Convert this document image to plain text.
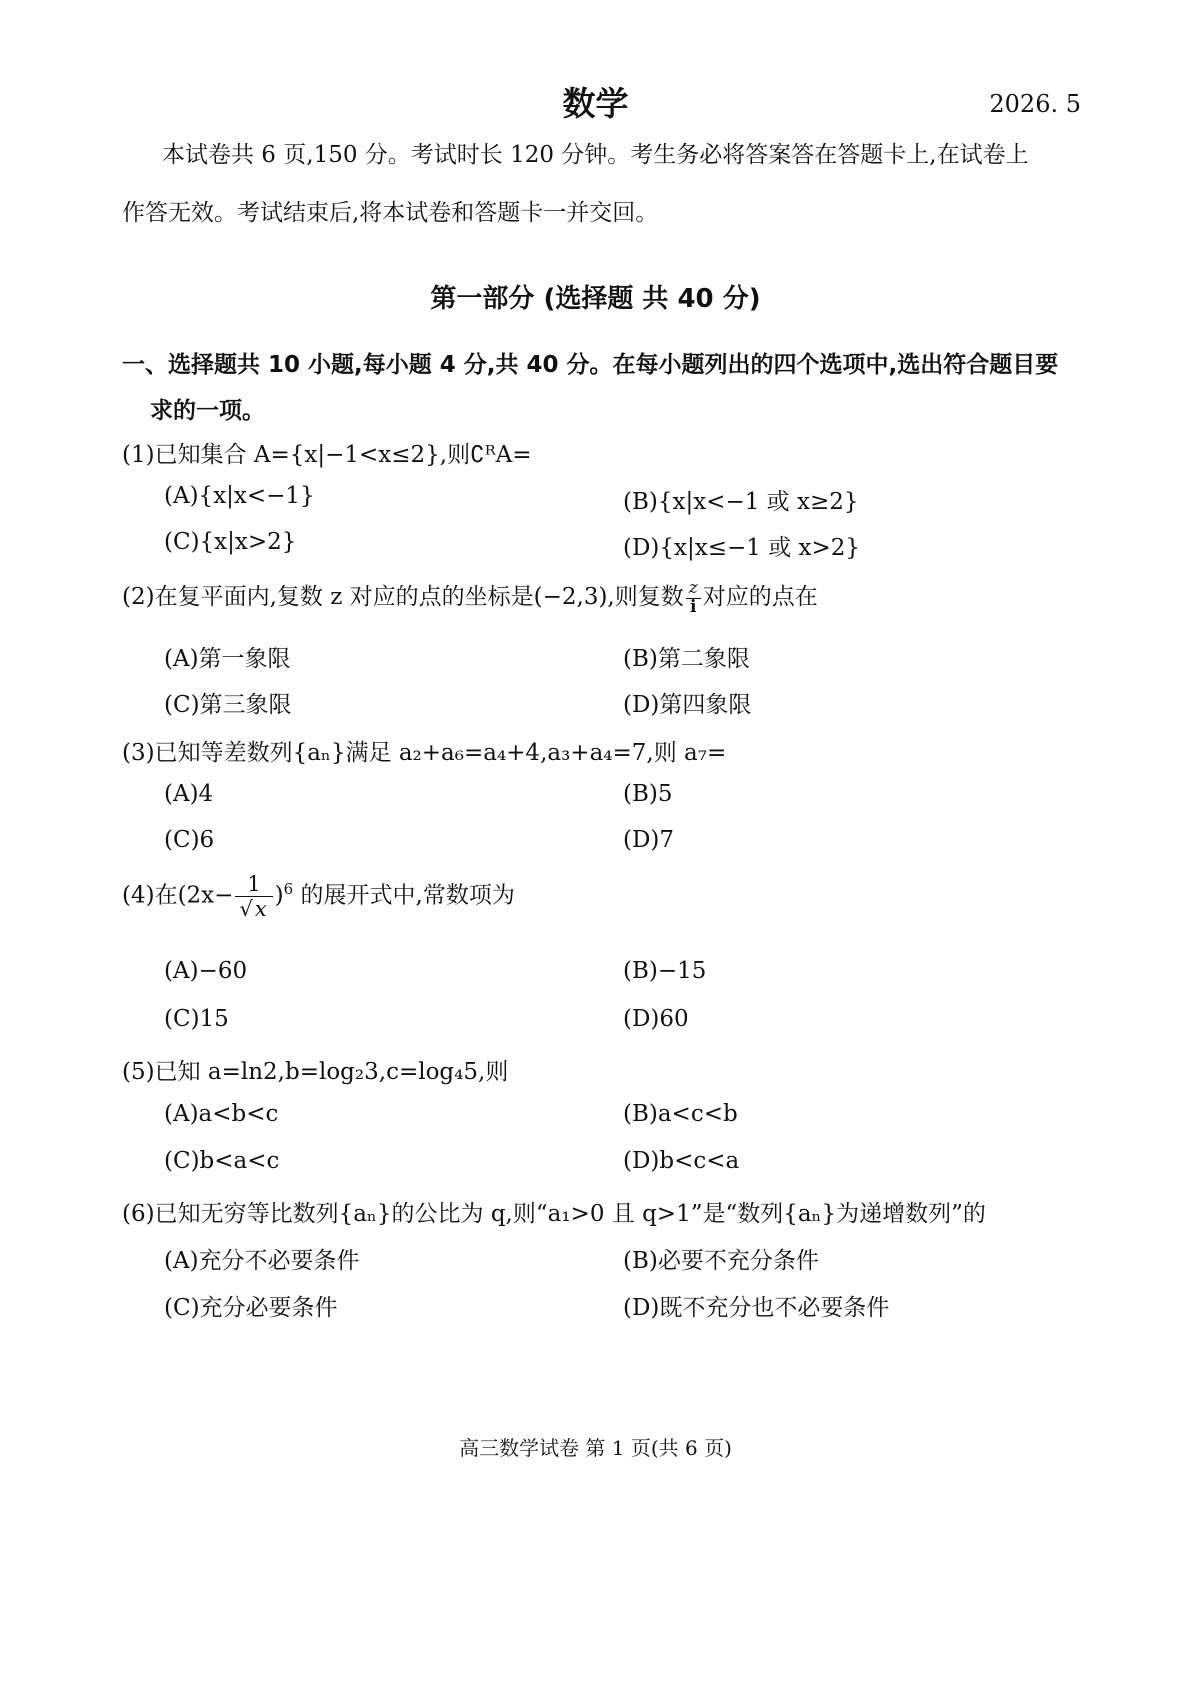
数学	2026. 5
本试卷共 6 页,150 分。考试时长 120 分钟。考生务必将答案答在答题卡上,在试卷上
作答无效。考试结束后,将本试卷和答题卡一并交回。
第一部分 (选择题 共 40 分)
一、选择题共 10 小题,每小题 4 分,共 40 分。在每小题列出的四个选项中,选出符合题目要
求的一项。
(1)已知集合 A={x|−1<x≤2},则∁ᴿA=
(A){x|x<−1}	(B){x|x<−1 或 x≥2}
(C){x|x>2}	(D){x|x≤−1 或 x>2}
(2)在复平面内,复数 z 对应的点的坐标是(−2,3),则复数 $\frac{z}{i}$ 对应的点在
(A)第一象限	(B)第二象限
(C)第三象限	(D)第四象限
(3)已知等差数列{aₙ}满足 a₂+a₆=a₄+4,a₃+a₄=7,则 a₇=
(A)4	(B)5
(C)6	(D)7
(4)在$(2x- \frac{1}{√x} )^6$ 的展开式中,常数项为
(A)−60	(B)−15
(C)15	(D)60
(5)已知 a=ln2,b=log₂3,c=log₄5,则
(A)a<b<c	(B)a<c<b
(C)b<a<c	(D)b<c<a
(6)已知无穷等比数列{aₙ}的公比为 q,则“a₁>0 且 q>1”是“数列{aₙ}为递增数列”的
(A)充分不必要条件	(B)必要不充分条件
(C)充分必要条件	(D)既不充分也不必要条件
高三数学试卷 第 1 页(共 6 页)
